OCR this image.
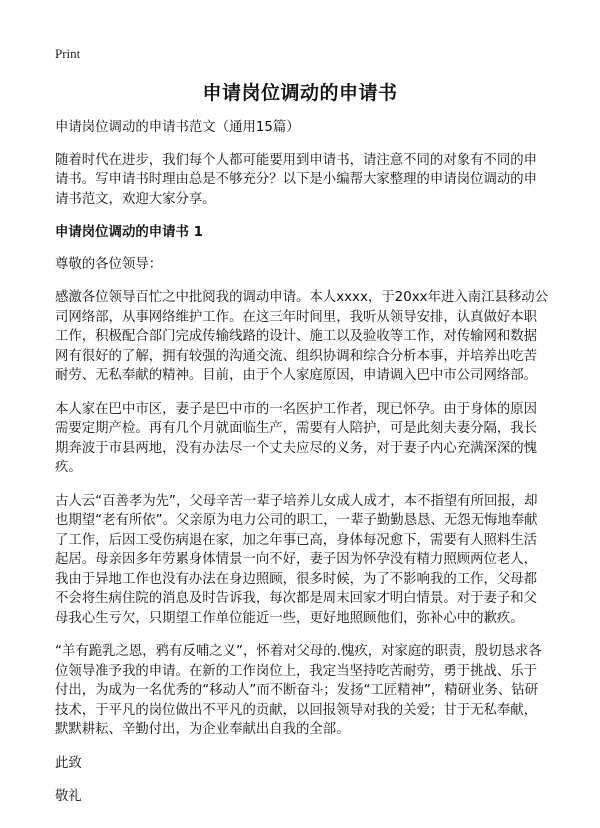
Print
申请岗位调动的申请书

申请岗位调动的申请书范文（通用15篇）

随着时代在进步，我们每个人都可能要用到申请书，请注意不同的对象有不同的申请书。写申请书时理由总是不够充分？以下是小编帮大家整理的申请岗位调动的申请书范文，欢迎大家分享。

申请岗位调动的申请书 1

尊敬的各位领导：

感激各位领导百忙之中批阅我的调动申请。本人xxxx，于20xx年进入南江县移动公司网络部，从事网络维护工作。在这三年时间里，我听从领导安排，认真做好本职工作，积极配合部门完成传输线路的设计、施工以及验收等工作，对传输网和数据网有很好的了解，拥有较强的沟通交流、组织协调和综合分析本事，并培养出吃苦耐劳、无私奉献的精神。目前，由于个人家庭原因，申请调入巴中市公司网络部。

本人家在巴中市区，妻子是巴中市的一名医护工作者，现已怀孕。由于身体的原因需要定期产检。再有几个月就面临生产，需要有人陪护，可是此刻夫妻分隔，我长期奔波于市县两地，没有办法尽一个丈夫应尽的义务，对于妻子内心充满深深的愧疚。

古人云“百善孝为先”，父母辛苦一辈子培养儿女成人成才，本不指望有所回报，却也期望“老有所依”。父亲原为电力公司的职工，一辈子勤勤恳恳、无怨无悔地奉献了工作，后因工受伤病退在家，加之年事已高，身体每况愈下，需要有人照料生活起居。母亲因多年劳累身体情景一向不好，妻子因为怀孕没有精力照顾两位老人，我由于异地工作也没有办法在身边照顾，很多时候，为了不影响我的工作，父母都不会将生病住院的消息及时告诉我，每次都是周末回家才明白情景。对于妻子和父母我心生亏欠，只期望工作单位能近一些，更好地照顾他们，弥补心中的歉疚。

“羊有跪乳之恩，鸦有反哺之义”，怀着对父母的.愧疚，对家庭的职责，殷切恳求各位领导准予我的申请。在新的工作岗位上，我定当坚持吃苦耐劳，勇于挑战、乐于付出，为成为一名优秀的“移动人”而不断奋斗；发扬“工匠精神”，精研业务、钻研技术，于平凡的岗位做出不平凡的贡献，以回报领导对我的关爱；甘于无私奉献，默默耕耘、辛勤付出，为企业奉献出自我的全部。

此致

敬礼
